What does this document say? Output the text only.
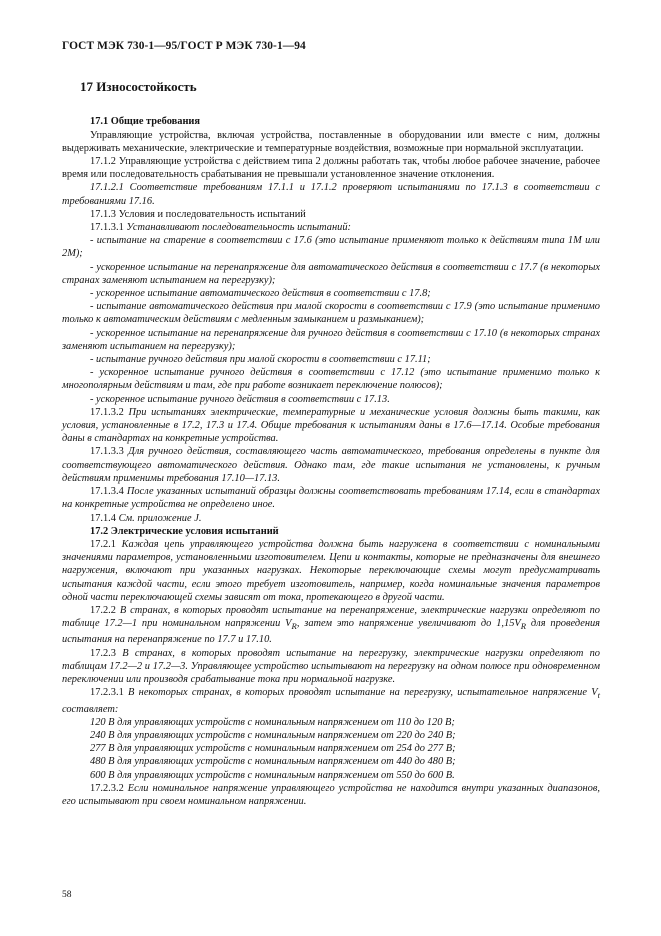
ГОСТ МЭК 730-1—95/ГОСТ Р МЭК 730-1—94
17 Износостойкость
17.1 Общие требования

Управляющие устройства, включая устройства, поставленные в оборудовании или вместе с ним, должны выдерживать механические, электрические и температурные воздействия, возможные при нормальной эксплуатации.

17.1.2 Управляющие устройства с действием типа 2 должны работать так, чтобы любое рабочее значение, рабочее время или последовательность срабатывания не превышали установленное значение отклонения.

17.1.2.1 Соответствие требованиям 17.1.1 и 17.1.2 проверяют испытаниями по 17.1.3 в соответствии с требованиями 17.16.

17.1.3 Условия и последовательность испытаний

17.1.3.1 Устанавливают последовательность испытаний:

- испытание на старение в соответствии с 17.6 (это испытание применяют только к действиям типа 1M или 2M);

- ускоренное испытание на перенапряжение для автоматического действия в соответствии с 17.7 (в некоторых странах заменяют испытанием на перегрузку);

- ускоренное испытание автоматического действия в соответствии с 17.8;

- испытание автоматического действия при малой скорости в соответствии с 17.9 (это испытание применимо только к автоматическим действиям с медленным замыканием и размыканием);

- ускоренное испытание на перенапряжение для ручного действия в соответствии с 17.10 (в некоторых странах заменяют испытанием на перегрузку);

- испытание ручного действия при малой скорости в соответствии с 17.11;

- ускоренное испытание ручного действия в соответствии с 17.12 (это испытание применимо только к многополярным действиям и там, где при работе возникает переключение полюсов);

- ускоренное испытание ручного действия в соответствии с 17.13.

17.1.3.2 При испытаниях электрические, температурные и механические условия должны быть такими, как условия, установленные в 17.2, 17.3 и 17.4. Общие требования к испытаниям даны в 17.6—17.14. Особые требования даны в стандартах на конкретные устройства.

17.1.3.3 Для ручного действия, составляющего часть автоматического, требования определены в пункте для соответствующего автоматического действия. Однако там, где такие испытания не установлены, к ручным действиям применимы требования 17.10—17.13.

17.1.3.4 После указанных испытаний образцы должны соответствовать требованиям 17.14, если в стандартах на конкретные устройства не определено иное.

17.1.4 См. приложение J.

17.2 Электрические условия испытаний

17.2.1 Каждая цепь управляющего устройства должна быть нагружена в соответствии с номинальными значениями параметров, установленными изготовителем. Цепи и контакты, которые не предназначены для внешнего нагружения, включают при указанных нагрузках. Некоторые переключающие схемы могут предусматривать испытания каждой части, если этого требует изготовитель, например, когда номинальные значения параметров одной части переключающей схемы зависят от тока, протекающего в другой части.

17.2.2 В странах, в которых проводят испытание на перенапряжение, электрические нагрузки определяют по таблице 17.2—1 при номинальном напряжении $V_R$, затем это напряжение увеличивают до $1,15V_R$ для проведения испытания на перенапряжение по 17.7 и 17.10.

17.2.3 В странах, в которых проводят испытание на перегрузку, электрические нагрузки определяют по таблицам 17.2—2 и 17.2—3. Управляющее устройство испытывают на перегрузку на одном полюсе при одновременном переключении или производя срабатывание тока при нормальной нагрузке.

17.2.3.1 В некоторых странах, в которых проводят испытание на перегрузку, испытательное напряжение $V_t$ составляет:

120 В для управляющих устройств с номинальным напряжением от 110 до 120 В;

240 В для управляющих устройств с номинальным напряжением от 220 до 240 В;

277 В для управляющих устройств с номинальным напряжением от 254 до 277 В;

480 В для управляющих устройств с номинальным напряжением от 440 до 480 В;

600 В для управляющих устройств с номинальным напряжением от 550 до 600 В.

17.2.3.2 Если номинальное напряжение управляющего устройства не находится внутри указанных диапазонов, его испытывают при своем номинальном напряжении.

58
